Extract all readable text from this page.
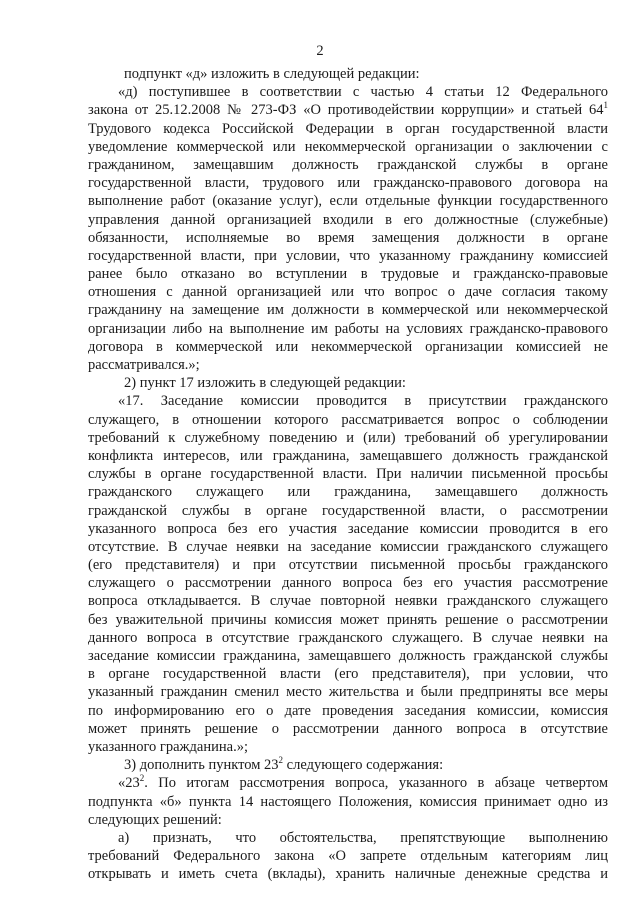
2
подпункт «д» изложить в следующей редакции:
«д) поступившее в соответствии с частью 4 статьи 12 Федерального
закона от 25.12.2008 № 273-ФЗ «О противодействии коррупции» и статьей $64^1$
Трудового кодекса Российской Федерации в орган государственной власти
уведомление коммерческой или некоммерческой организации о заключении с
гражданином, замещавшим должность гражданской службы в органе
государственной власти, трудового или гражданско-правового договора на
выполнение работ (оказание услуг), если отдельные функции государственного
управления данной организацией входили в его должностные (служебные)
обязанности, исполняемые во время замещения должности в органе
государственной власти, при условии, что указанному гражданину комиссией
ранее было отказано во вступлении в трудовые и гражданско-правовые
отношения с данной организацией или что вопрос о даче согласия такому
гражданину на замещение им должности в коммерческой или некоммерческой
организации либо на выполнение им работы на условиях гражданско-правового
договора в коммерческой или некоммерческой организации комиссией не
рассматривался.»;
2) пункт 17 изложить в следующей редакции:
«17. Заседание комиссии проводится в присутствии гражданского
служащего, в отношении которого рассматривается вопрос о соблюдении
требований к служебному поведению и (или) требований об урегулировании
конфликта интересов, или гражданина, замещавшего должность гражданской
службы в органе государственной власти. При наличии письменной просьбы
гражданского служащего или гражданина, замещавшего должность
гражданской службы в органе государственной власти, о рассмотрении
указанного вопроса без его участия заседание комиссии проводится в его
отсутствие. В случае неявки на заседание комиссии гражданского служащего
(его представителя) и при отсутствии письменной просьбы гражданского
служащего о рассмотрении данного вопроса без его участия рассмотрение
вопроса откладывается. В случае повторной неявки гражданского служащего
без уважительной причины комиссия может принять решение о рассмотрении
данного вопроса в отсутствие гражданского служащего. В случае неявки на
заседание комиссии гражданина, замещавшего должность гражданской службы
в органе государственной власти (его представителя), при условии, что
указанный гражданин сменил место жительства и были предприняты все меры
по информированию его о дате проведения заседания комиссии, комиссия
может принять решение о рассмотрении данного вопроса в отсутствие
указанного гражданина.»;
3) дополнить пунктом $23^2$ следующего содержания:
«$23^2$. По итогам рассмотрения вопроса, указанного в абзаце четвертом
подпункта «б» пункта 14 настоящего Положения, комиссия принимает одно из
следующих решений:
а) признать, что обстоятельства, препятствующие выполнению
требований Федерального закона «О запрете отдельным категориям лиц
открывать и иметь счета (вклады), хранить наличные денежные средства и
